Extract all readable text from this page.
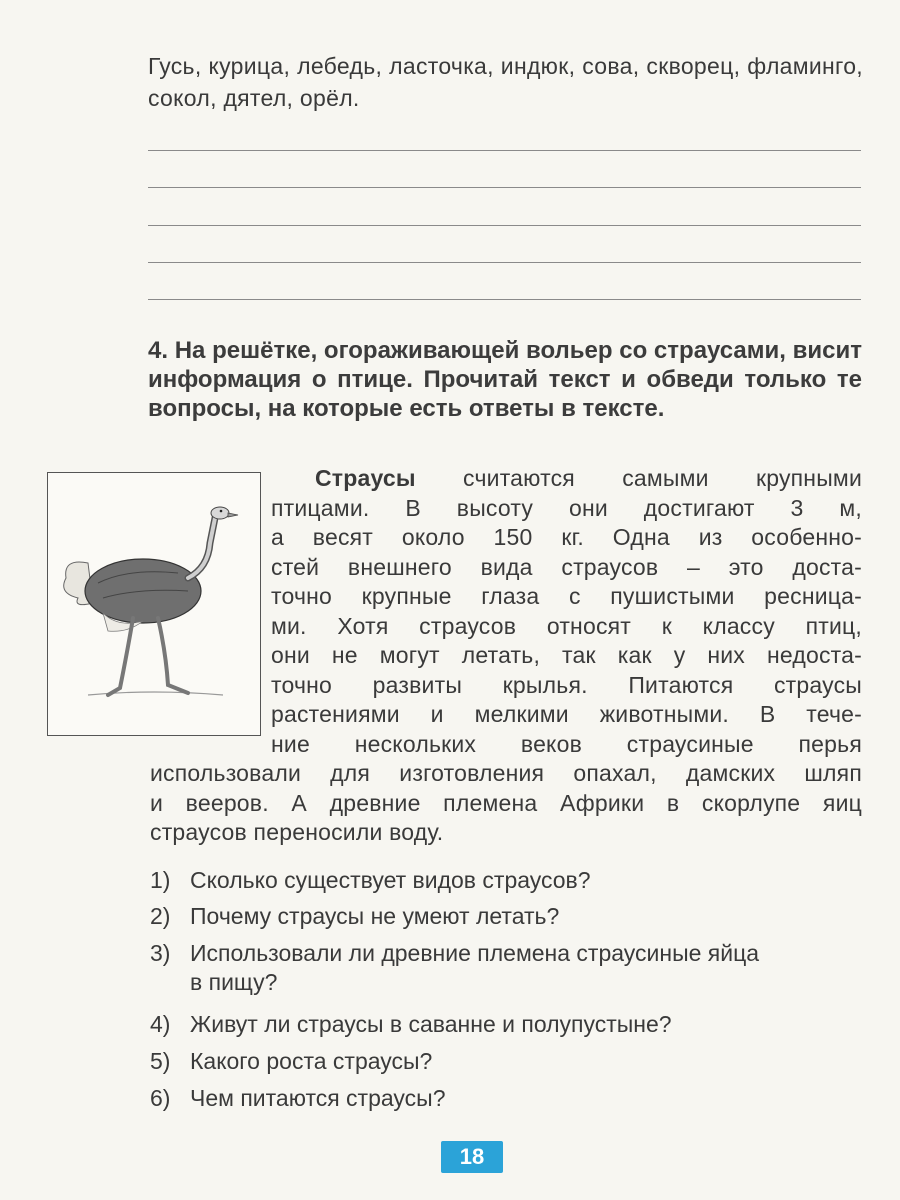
Гусь, курица, лебедь, ласточка, индюк, сова, скворец, фламинго, сокол, дятел, орёл.
4. На решётке, огораживающей вольер со страусами, висит информация о птице. Прочитай текст и обведи только те вопросы, на которые есть ответы в тексте.
Страусы считаются самыми крупными
птицами. В высоту они достигают 3 м,
а весят около 150 кг. Одна из особенно-
стей внешнего вида страусов – это доста-
точно крупные глаза с пушистыми ресница-
ми. Хотя страусов относят к классу птиц,
они не могут летать, так как у них недоста-
точно развиты крылья. Питаются страусы
растениями и мелкими животными. В тече-
ние нескольких веков страусиные перья
использовали для изготовления опахал, дамских шляп
и вееров. А древние племена Африки в скорлупе яиц
страусов переносили воду.
1) Сколько существует видов страусов?
2) Почему страусы не умеют летать?
3) Использовали ли древние племена страусиные яйца
в пищу?
4) Живут ли страусы в саванне и полупустыне?
5) Какого роста страусы?
6) Чем питаются страусы?
18
